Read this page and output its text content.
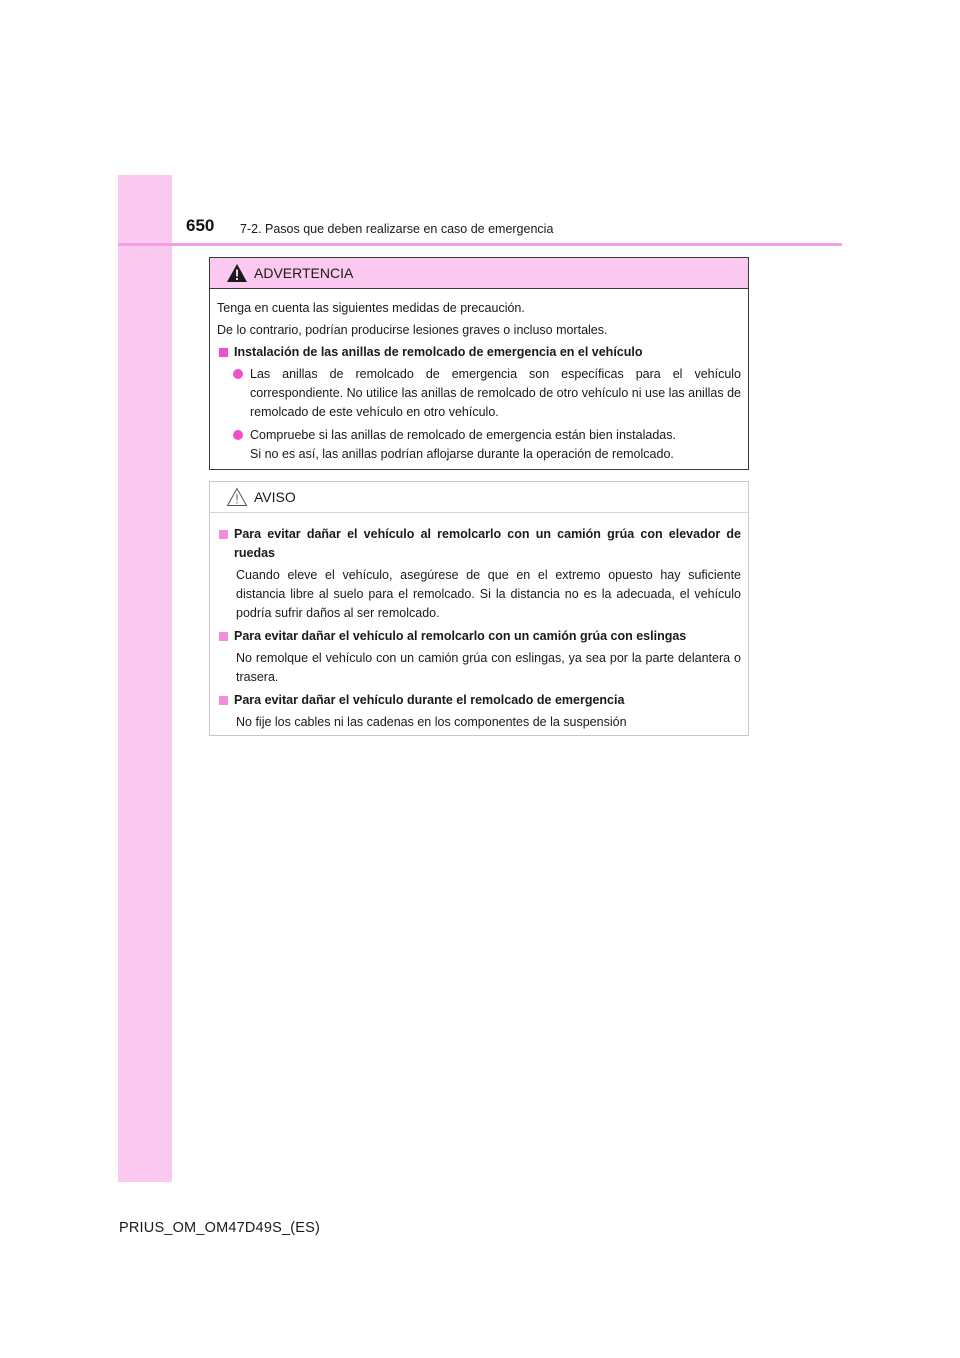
650 7-2. Pasos que deben realizarse en caso de emergencia
ADVERTENCIA
Tenga en cuenta las siguientes medidas de precaución.
De lo contrario, podrían producirse lesiones graves o incluso mortales.
Instalación de las anillas de remolcado de emergencia en el vehículo
Las anillas de remolcado de emergencia son específicas para el vehículo correspondiente. No utilice las anillas de remolcado de otro vehículo ni use las anillas de remolcado de este vehículo en otro vehículo.
Compruebe si las anillas de remolcado de emergencia están bien instaladas.
Si no es así, las anillas podrían aflojarse durante la operación de remolcado.
AVISO
Para evitar dañar el vehículo al remolcarlo con un camión grúa con elevador de ruedas
Cuando eleve el vehículo, asegúrese de que en el extremo opuesto hay suficiente distancia libre al suelo para el remolcado. Si la distancia no es la adecuada, el vehículo podría sufrir daños al ser remolcado.
Para evitar dañar el vehículo al remolcarlo con un camión grúa con eslingas
No remolque el vehículo con un camión grúa con eslingas, ya sea por la parte delantera o trasera.
Para evitar dañar el vehículo durante el remolcado de emergencia
No fije los cables ni las cadenas en los componentes de la suspensión
PRIUS_OM_OM47D49S_(ES)
